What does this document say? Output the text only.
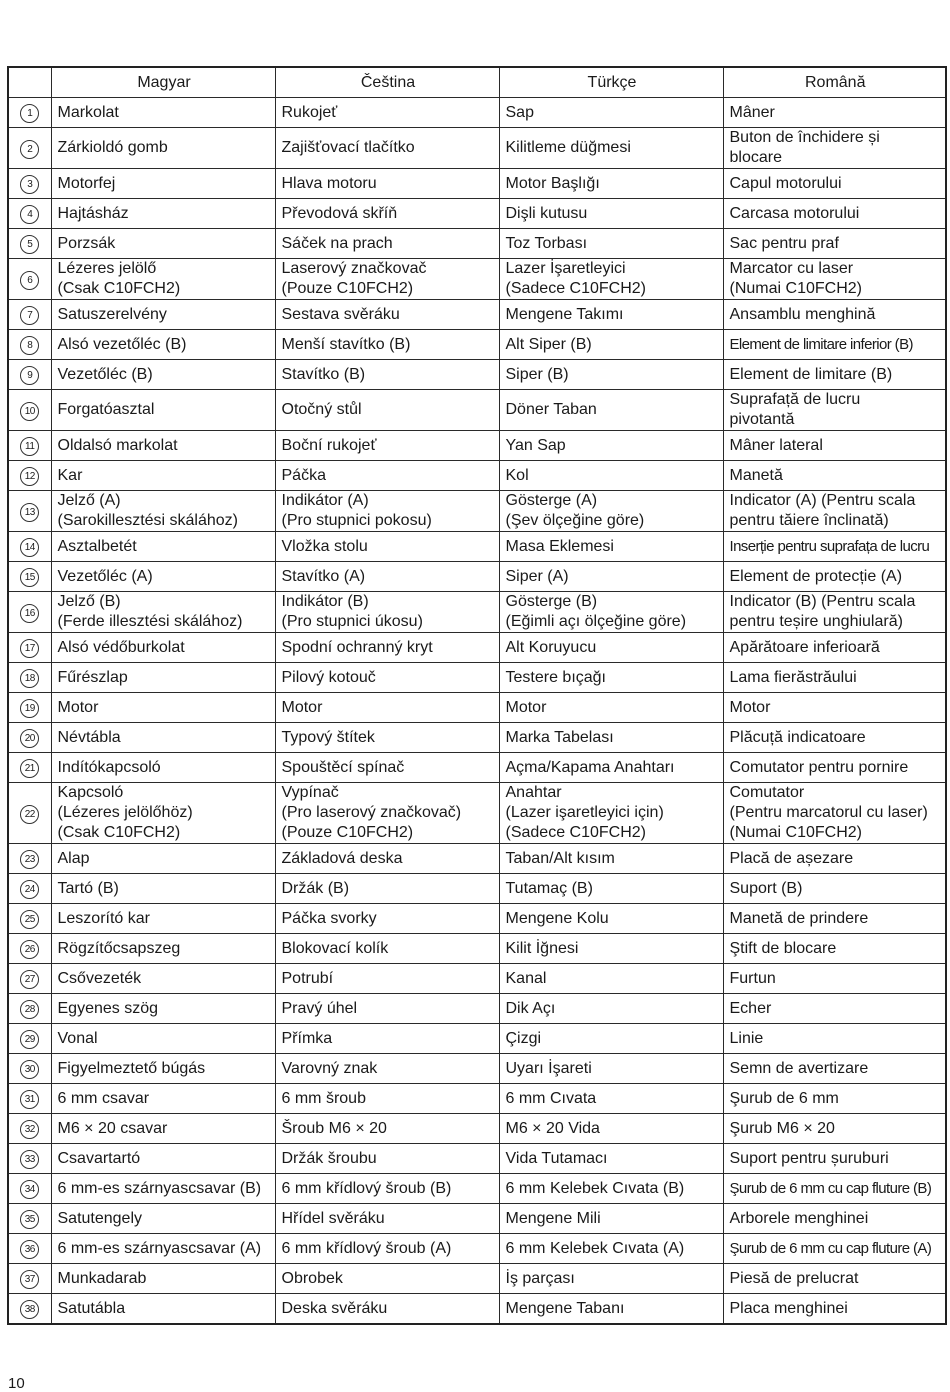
	Magyar	Čeština	Türkçe	Română
1	Markolat	Rukojeť	Sap	Mâner
2	Zárkioldó gomb	Zajišťovací tlačítko	Kilitleme düğmesi	Buton de închidere și
blocare
3	Motorfej	Hlava motoru	Motor Başlığı	Capul motorului
4	Hajtásház	Převodová skříň	Dişli kutusu	Carcasa motorului
5	Porzsák	Sáček na prach	Toz Torbası	Sac pentru praf
6	Lézeres jelölő
(Csak C10FCH2)	Laserový značkovač
(Pouze C10FCH2)	Lazer İşaretleyici
(Sadece C10FCH2)	Marcator cu laser
(Numai C10FCH2)
7	Satuszerelvény	Sestava svěráku	Mengene Takımı	Ansamblu menghină
8	Alsó vezetőléc (B)	Menší stavítko (B)	Alt Siper (B)	Element de limitare inferior (B)
9	Vezetőléc (B)	Stavítko (B)	Siper (B)	Element de limitare (B)
10	Forgatóasztal	Otočný stůl	Döner Taban	Suprafață de lucru
pivotantă
11	Oldalsó markolat	Boční rukojeť	Yan Sap	Mâner lateral
12	Kar	Páčka	Kol	Manetă
13	Jelző (A)
(Sarokillesztési skálához)	Indikátor (A)
(Pro stupnici pokosu)	Gösterge (A)
(Şev ölçeğine göre)	Indicator (A) (Pentru scala
pentru tăiere înclinată)
14	Asztalbetét	Vložka stolu	Masa Eklemesi	Inserție pentru suprafața de lucru
15	Vezetőléc (A)	Stavítko (A)	Siper (A)	Element de protecție (A)
16	Jelző (B)
(Ferde illesztési skálához)	Indikátor (B)
(Pro stupnici úkosu)	Gösterge (B)
(Eğimli açı ölçeğine göre)	Indicator (B) (Pentru scala
pentru teșire unghiulară)
17	Alsó védőburkolat	Spodní ochranný kryt	Alt Koruyucu	Apărătoare inferioară
18	Fűrészlap	Pilový kotouč	Testere bıçağı	Lama fierăstrăului
19	Motor	Motor	Motor	Motor
20	Névtábla	Typový štítek	Marka Tabelası	Plăcuță indicatoare
21	Indítókapcsoló	Spouštěcí spínač	Açma/Kapama Anahtarı	Comutator pentru pornire
22	Kapcsoló
(Lézeres jelölőhöz)
(Csak C10FCH2)	Vypínač
(Pro laserový značkovač)
(Pouze C10FCH2)	Anahtar
(Lazer işaretleyici için)
(Sadece C10FCH2)	Comutator
(Pentru marcatorul cu laser)
(Numai C10FCH2)
23	Alap	Základová deska	Taban/Alt kısım	Placă de așezare
24	Tartó (B)	Držák (B)	Tutamaç (B)	Suport (B)
25	Leszorító kar	Páčka svorky	Mengene Kolu	Manetă de prindere
26	Rögzítőcsapszeg	Blokovací kolík	Kilit İğnesi	Ştift de blocare
27	Csővezeték	Potrubí	Kanal	Furtun
28	Egyenes szög	Pravý úhel	Dik Açı	Echer
29	Vonal	Přímka	Çizgi	Linie
30	Figyelmeztető búgás	Varovný znak	Uyarı İşareti	Semn de avertizare
31	6 mm csavar	6 mm šroub	6 mm Cıvata	Şurub de 6 mm
32	M6 × 20 csavar	Šroub M6 × 20	M6 × 20 Vida	Şurub M6 × 20
33	Csavartartó	Držák šroubu	Vida Tutamacı	Suport pentru șuruburi
34	6 mm-es szárnyascsavar (B)	6 mm křídlový šroub (B)	6 mm Kelebek Cıvata (B)	Şurub de 6 mm cu cap fluture (B)
35	Satutengely	Hřídel svěráku	Mengene Mili	Arborele menghinei
36	6 mm-es szárnyascsavar (A)	6 mm křídlový šroub (A)	6 mm Kelebek Cıvata (A)	Şurub de 6 mm cu cap fluture (A)
37	Munkadarab	Obrobek	İş parçası	Piesă de prelucrat
38	Satutábla	Deska svěráku	Mengene Tabanı	Placa menghinei
10
